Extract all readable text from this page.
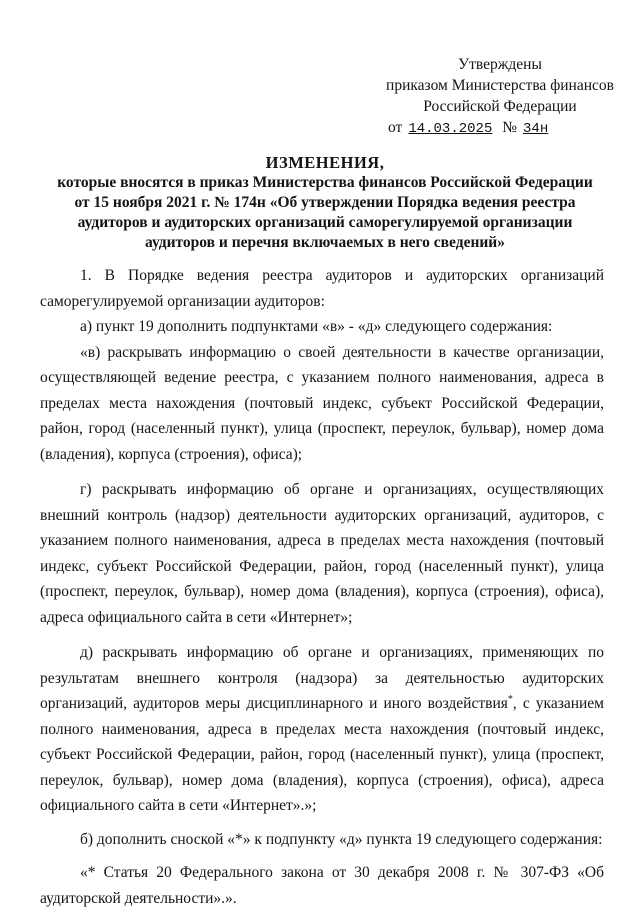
Утверждены
приказом Министерства финансов
Российской Федерации
от 14.03.2025 № 34н
ИЗМЕНЕНИЯ,
которые вносятся в приказ Министерства финансов Российской Федерации
от 15 ноября 2021 г. № 174н «Об утверждении Порядка ведения реестра
аудиторов и аудиторских организаций саморегулируемой организации
аудиторов и перечня включаемых в него сведений»

1. В Порядке ведения реестра аудиторов и аудиторских организаций саморегулируемой организации аудиторов:

а) пункт 19 дополнить подпунктами «в» - «д» следующего содержания:

«в) раскрывать информацию о своей деятельности в качестве организации, осуществляющей ведение реестра, с указанием полного наименования, адреса в пределах места нахождения (почтовый индекс, субъект Российской Федерации, район, город (населенный пункт), улица (проспект, переулок, бульвар), номер дома (владения), корпуса (строения), офиса);

г) раскрывать информацию об органе и организациях, осуществляющих внешний контроль (надзор) деятельности аудиторских организаций, аудиторов, с указанием полного наименования, адреса в пределах места нахождения (почтовый индекс, субъект Российской Федерации, район, город (населенный пункт), улица (проспект, переулок, бульвар), номер дома (владения), корпуса (строения), офиса), адреса официального сайта в сети «Интернет»;

д) раскрывать информацию об органе и организациях, применяющих по результатам внешнего контроля (надзора) за деятельностью аудиторских организаций, аудиторов меры дисциплинарного и иного воздействия*, с указанием полного наименования, адреса в пределах места нахождения (почтовый индекс, субъект Российской Федерации, район, город (населенный пункт), улица (проспект, переулок, бульвар), номер дома (владения), корпуса (строения), офиса), адреса официального сайта в сети «Интернет».»;

б) дополнить сноской «*» к подпункту «д» пункта 19 следующего содержания:

«* Статья 20 Федерального закона от 30 декабря 2008 г. № 307-ФЗ «Об аудиторской деятельности».».
